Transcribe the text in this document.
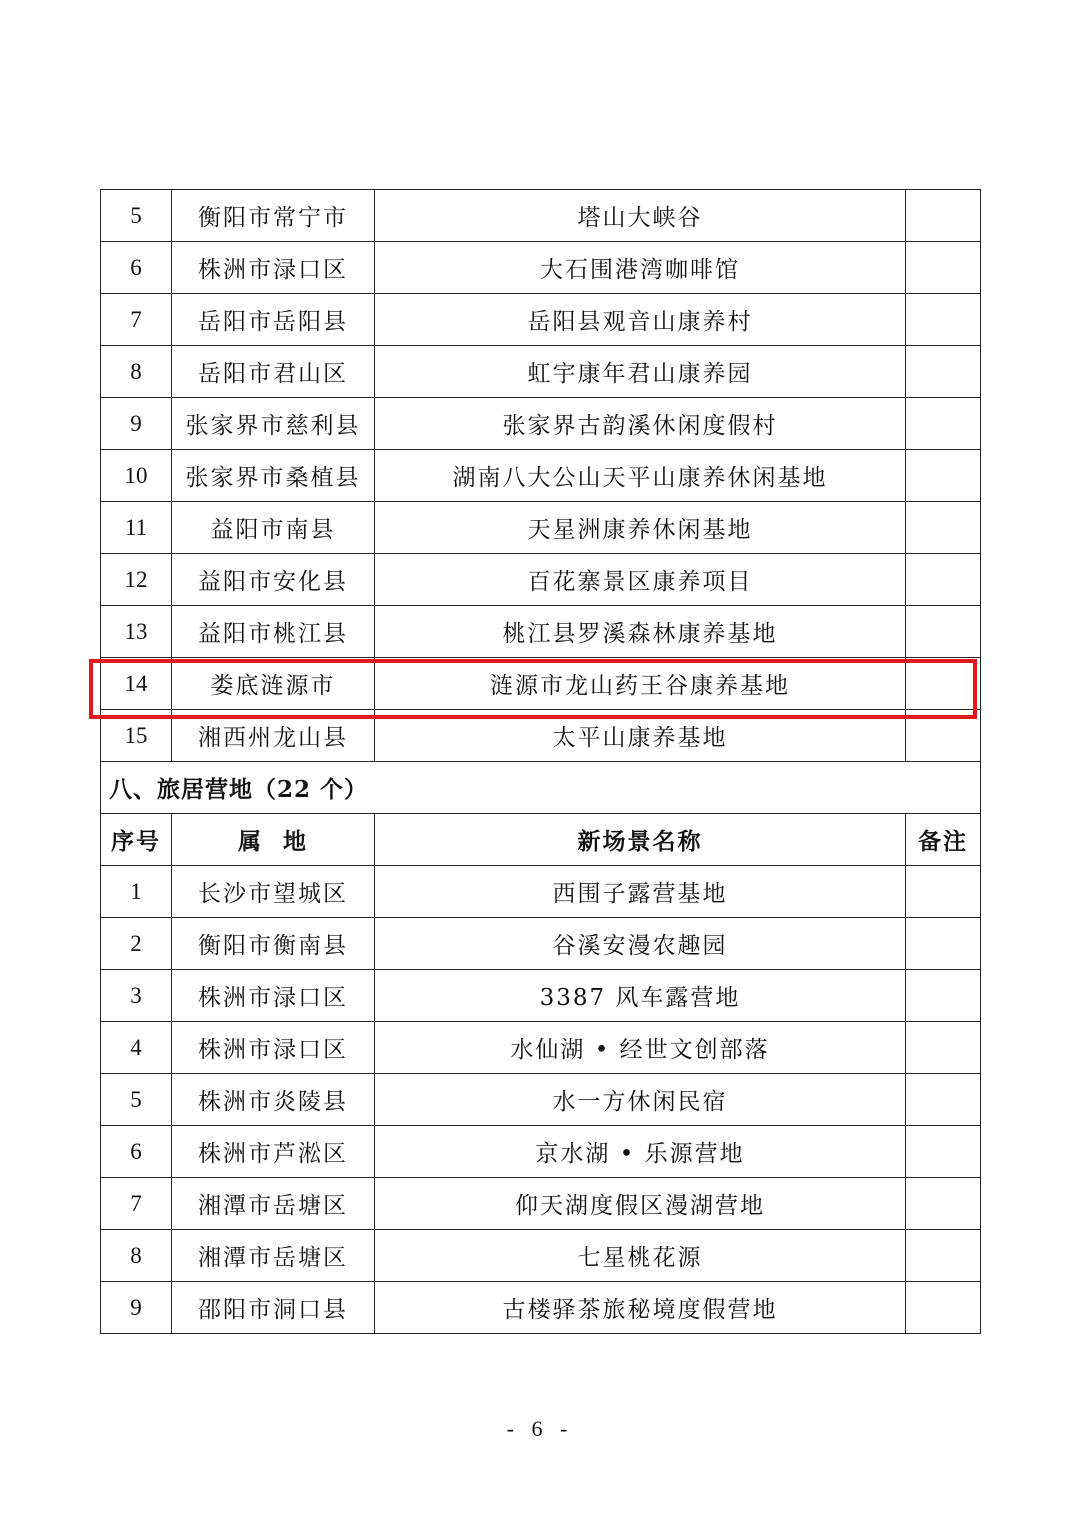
5	衡阳市常宁市	塔山大峡谷	
6	株洲市渌口区	大石围港湾咖啡馆	
7	岳阳市岳阳县	岳阳县观音山康养村	
8	岳阳市君山区	虹宇康年君山康养园	
9	张家界市慈利县	张家界古韵溪休闲度假村	
10	张家界市桑植县	湖南八大公山天平山康养休闲基地	
11	益阳市南县	天星洲康养休闲基地	
12	益阳市安化县	百花寨景区康养项目	
13	益阳市桃江县	桃江县罗溪森林康养基地	
14	娄底涟源市	涟源市龙山药王谷康养基地	
15	湘西州龙山县	太平山康养基地	
八、旅居营地（22 个）			
序号	属  地	新场景名称	备注
1	长沙市望城区	西围子露营基地	
2	衡阳市衡南县	谷溪安漫农趣园	
3	株洲市渌口区	3387 风车露营地	
4	株洲市渌口区	水仙湖 • 经世文创部落	
5	株洲市炎陵县	水一方休闲民宿	
6	株洲市芦淞区	京水湖 • 乐源营地	
7	湘潭市岳塘区	仰天湖度假区漫湖营地	
8	湘潭市岳塘区	七星桃花源	
9	邵阳市洞口县	古楼驿茶旅秘境度假营地	
- 6 -
